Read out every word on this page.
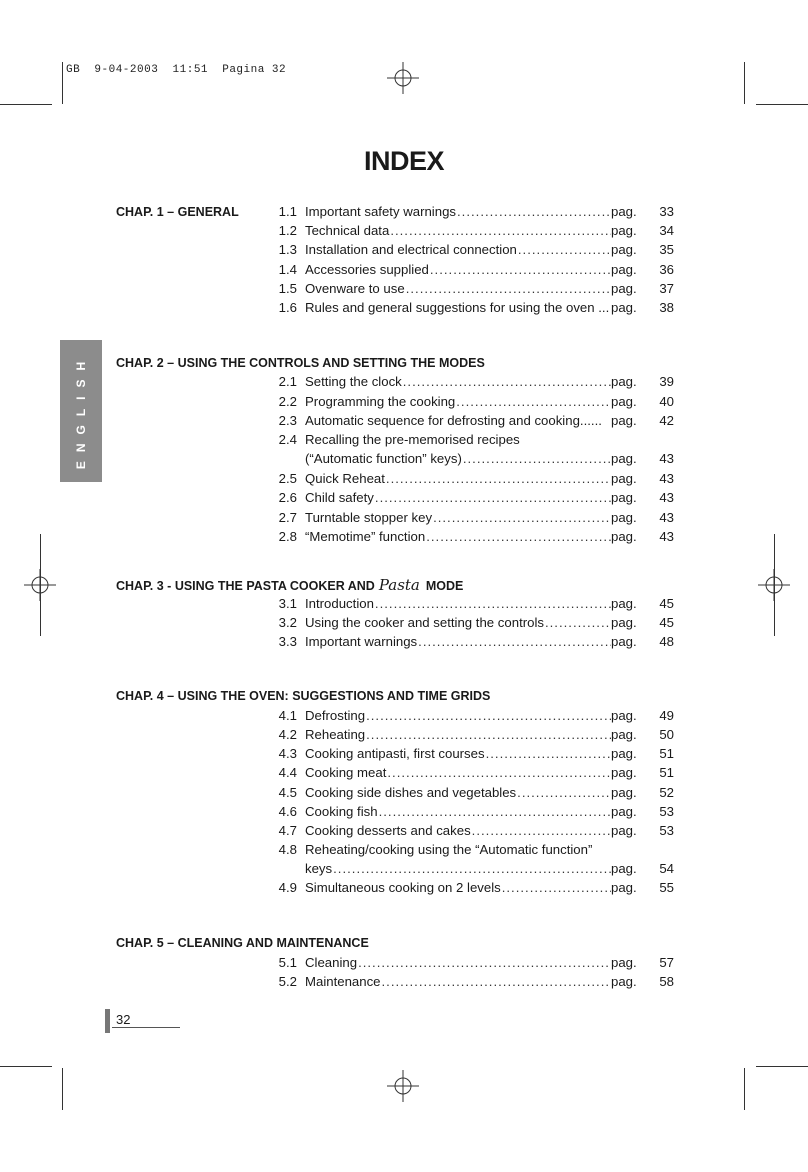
GB  9-04-2003  11:51  Pagina 32
ENGLISH
INDEX
CHAP. 1 – GENERAL	1.1 Important safety warnings .....	pag. 33
1.2 Technical data .....	pag. 34
1.3 Installation and electrical connection .....	pag. 35
1.4 Accessories supplied .....	pag. 36
1.5 Ovenware to use .....	pag. 37
1.6 Rules and general suggestions for using the oven ... pag. 38
CHAP. 2 – USING THE CONTROLS AND SETTING THE MODES
2.1 Setting the clock .....	pag. 39
2.2 Programming the cooking .....	pag. 40
2.3 Automatic sequence for defrosting and cooking...... pag. 42
2.4 Recalling the pre-memorised recipes
(“Automatic function” keys) .....	pag. 43
2.5 Quick Reheat .....	pag. 43
2.6 Child safety .....	pag. 43
2.7 Turntable stopper key .....	pag. 43
2.8 “Memotime” function .....	pag. 43
CHAP. 3 - USING THE PASTA COOKER AND Pasta MODE
3.1 Introduction .....	pag. 45
3.2 Using the cooker and setting the controls .....	pag. 45
3.3 Important warnings .....	pag. 48
CHAP. 4 – USING THE OVEN: SUGGESTIONS AND TIME GRIDS
4.1 Defrosting .....	pag. 49
4.2 Reheating .....	pag. 50
4.3 Cooking antipasti, first courses .....	pag. 51
4.4 Cooking meat .....	pag. 51
4.5 Cooking side dishes and vegetables .....	pag. 52
4.6 Cooking fish .....	pag. 53
4.7 Cooking desserts and cakes .....	pag. 53
4.8 Reheating/cooking using the “Automatic function”
keys .....	pag. 54
4.9 Simultaneous cooking on 2 levels .....	pag. 55
CHAP. 5 – CLEANING AND MAINTENANCE
5.1 Cleaning .....	pag. 57
5.2 Maintenance .....	pag. 58
32
